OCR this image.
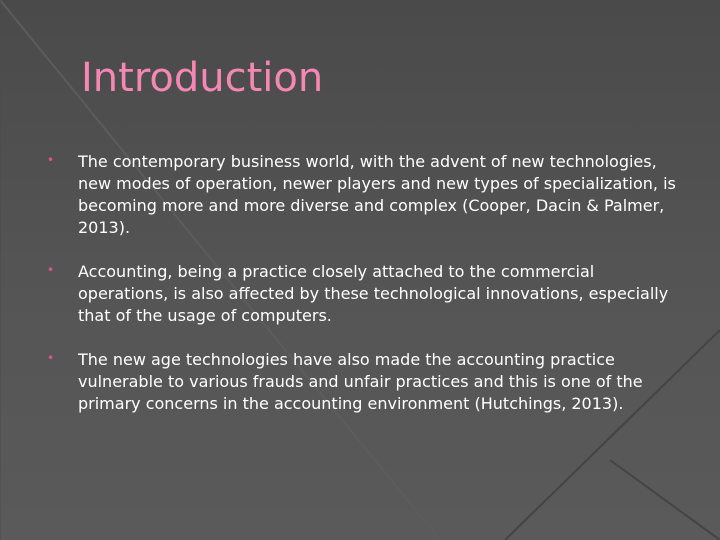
Introduction
• The contemporary business world, with the advent of new technologies, new modes of operation, newer players and new types of specialization, is becoming more and more diverse and complex (Cooper, Dacin & Palmer, 2013).
• Accounting, being a practice closely attached to the commercial operations, is also affected by these technological innovations, especially that of the usage of computers.
• The new age technologies have also made the accounting practice vulnerable to various frauds and unfair practices and this is one of the primary concerns in the accounting environment (Hutchings, 2013).
